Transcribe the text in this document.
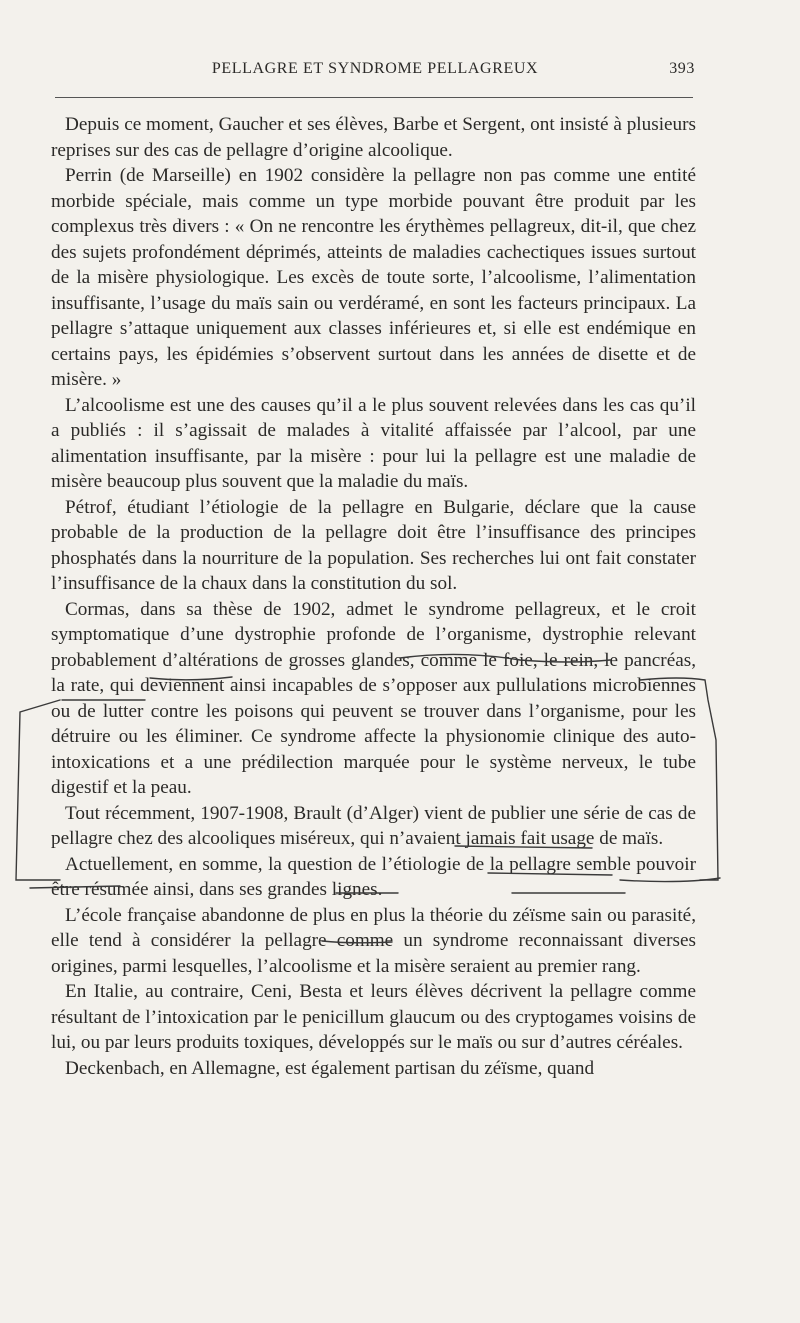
PELLAGRE ET SYNDROME PELLAGREUX	393

Depuis ce moment, Gaucher et ses élèves, Barbe et Sergent, ont insisté à plusieurs reprises sur des cas de pellagre d’origine alcoolique.

Perrin (de Marseille) en 1902 considère la pellagre non pas comme une entité morbide spéciale, mais comme un type morbide pouvant être produit par les complexus très divers : « On ne rencontre les érythèmes pellagreux, dit-il, que chez des sujets profondément déprimés, atteints de maladies cachectiques issues surtout de la misère physiologique. Les excès de toute sorte, l’alcoolisme, l’alimentation insuffisante, l’usage du maïs sain ou verdéramé, en sont les facteurs principaux. La pellagre s’attaque uniquement aux classes inférieures et, si elle est endémique en certains pays, les épidémies s’observent surtout dans les années de disette et de misère. »

L’alcoolisme est une des causes qu’il a le plus souvent relevées dans les cas qu’il a publiés : il s’agissait de malades à vitalité affaissée par l’alcool, par une alimentation insuffisante, par la misère : pour lui la pellagre est une maladie de misère beaucoup plus souvent que la maladie du maïs.

Pétrof, étudiant l’étiologie de la pellagre en Bulgarie, déclare que la cause probable de la production de la pellagre doit être l’insuffisance des principes phosphatés dans la nourriture de la population. Ses recherches lui ont fait constater l’insuffisance de la chaux dans la constitution du sol.

Cormas, dans sa thèse de 1902, admet le syndrome pellagreux, et le croit symptomatique d’une dystrophie profonde de l’organisme, dystrophie relevant probablement d’altérations de grosses glandes, comme le foie, le rein, le pancréas, la rate, qui deviennent ainsi incapables de s’opposer aux pullulations microbiennes ou de lutter contre les poisons qui peuvent se trouver dans l’organisme, pour les détruire ou les éliminer. Ce syndrome affecte la physionomie clinique des auto-intoxications et a une prédilection marquée pour le système nerveux, le tube digestif et la peau.

Tout récemment, 1907-1908, Brault (d’Alger) vient de publier une série de cas de pellagre chez des alcooliques miséreux, qui n’avaient jamais fait usage de maïs.

Actuellement, en somme, la question de l’étiologie de la pellagre semble pouvoir être résumée ainsi, dans ses grandes lignes.

L’école française abandonne de plus en plus la théorie du zéïsme sain ou parasité, elle tend à considérer la pellagre comme un syndrome reconnaissant diverses origines, parmi lesquelles, l’alcoolisme et la misère seraient au premier rang.

En Italie, au contraire, Ceni, Besta et leurs élèves décrivent la pellagre comme résultant de l’intoxication par le penicillum glaucum ou des cryptogames voisins de lui, ou par leurs produits toxiques, développés sur le maïs ou sur d’autres céréales.

Deckenbach, en Allemagne, est également partisan du zéïsme, quand
